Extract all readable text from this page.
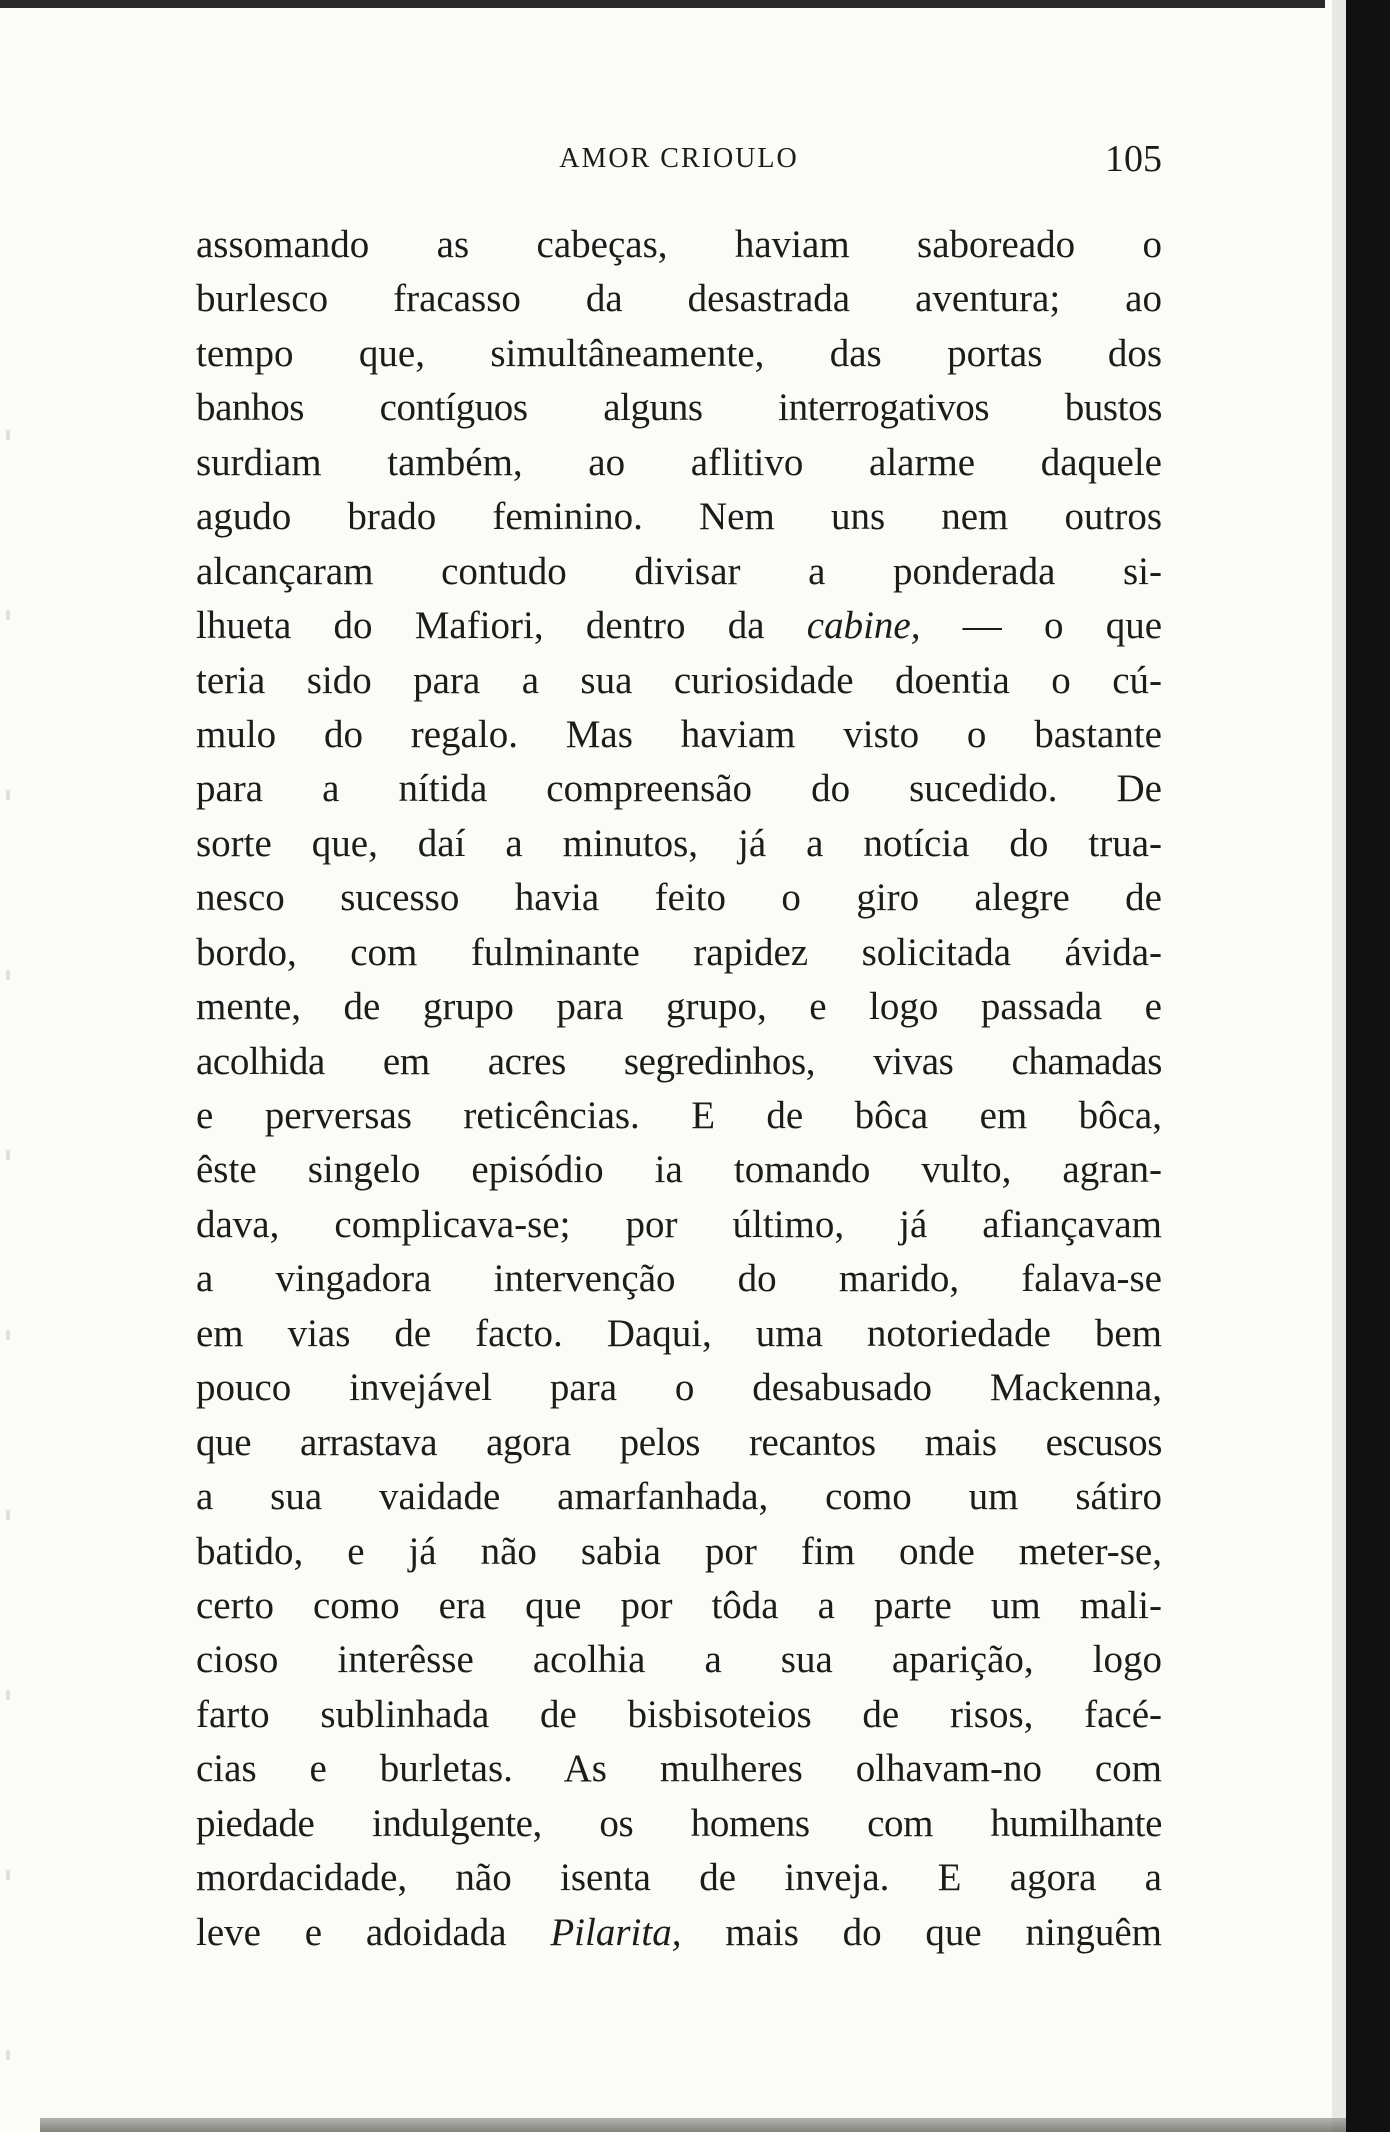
AMOR CRIOULO	105
assomando as cabeças, haviam saboreado o
burlesco fracasso da desastrada aventura; ao
tempo que, simultâneamente, das portas dos
banhos contíguos alguns interrogativos bustos
surdiam também, ao aflitivo alarme daquele
agudo brado feminino. Nem uns nem outros
alcançaram contudo divisar a ponderada si-
lhueta do Mafiori, dentro da cabine, — o que
teria sido para a sua curiosidade doentia o cú-
mulo do regalo. Mas haviam visto o bastante
para a nítida compreensão do sucedido. De
sorte que, daí a minutos, já a notícia do trua-
nesco sucesso havia feito o giro alegre de
bordo, com fulminante rapidez solicitada ávida-
mente, de grupo para grupo, e logo passada e
acolhida em acres segredinhos, vivas chamadas
e perversas reticências. E de bôca em bôca,
êste singelo episódio ia tomando vulto, agran-
dava, complicava-se; por último, já afiançavam
a vingadora intervenção do marido, falava-se
em vias de facto. Daqui, uma notoriedade bem
pouco invejável para o desabusado Mackenna,
que arrastava agora pelos recantos mais escusos
a sua vaidade amarfanhada, como um sátiro
batido, e já não sabia por fim onde meter-se,
certo como era que por tôda a parte um mali-
cioso interêsse acolhia a sua aparição, logo
farto sublinhada de bisbisoteios de risos, facé-
cias e burletas. As mulheres olhavam-no com
piedade indulgente, os homens com humilhante
mordacidade, não isenta de inveja. E agora a
leve e adoidada Pilarita, mais do que ninguêm
